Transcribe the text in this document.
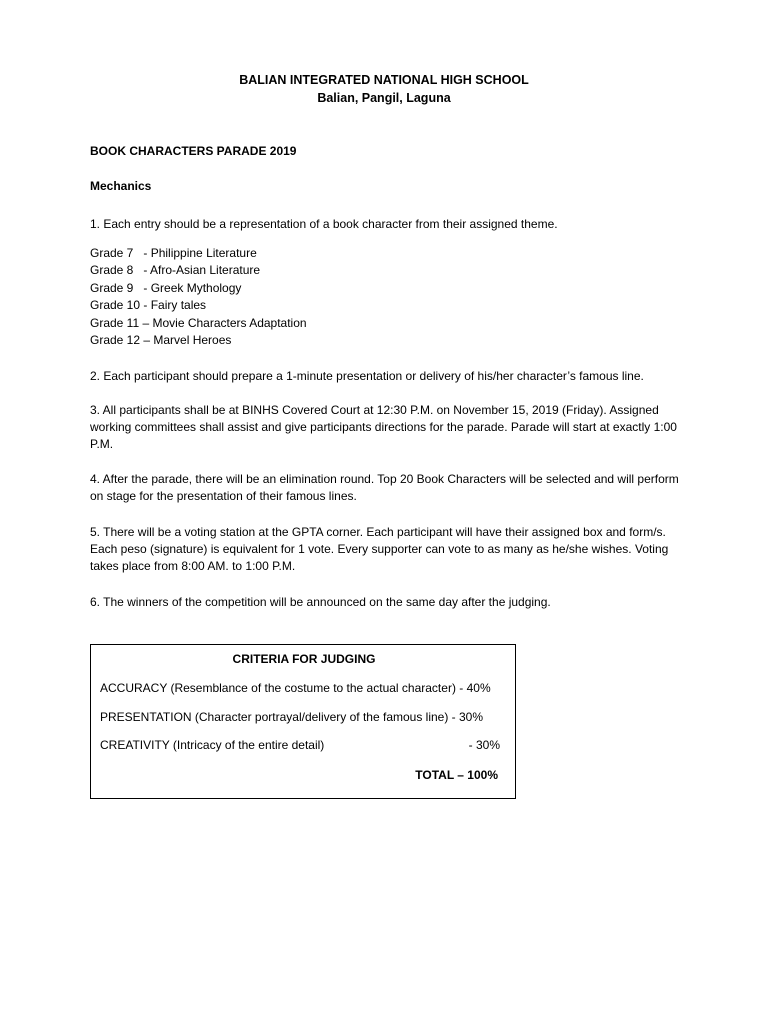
BALIAN INTEGRATED NATIONAL HIGH SCHOOL
Balian, Pangil, Laguna
BOOK CHARACTERS PARADE 2019
Mechanics
1. Each entry should be a representation of a book character from their assigned theme.
Grade 7   - Philippine Literature
Grade 8   - Afro-Asian Literature
Grade 9   - Greek Mythology
Grade 10 - Fairy tales
Grade 11 – Movie Characters Adaptation
Grade 12 – Marvel Heroes
2. Each participant should prepare a 1-minute presentation or delivery of his/her character’s famous line.
3. All participants shall be at BINHS Covered Court at 12:30 P.M. on November 15, 2019 (Friday). Assigned working committees shall assist and give participants directions for the parade. Parade will start at exactly 1:00 P.M.
4. After the parade, there will be an elimination round. Top 20 Book Characters will be selected and will perform on stage for the presentation of their famous lines.
5. There will be a voting station at the GPTA corner. Each participant will have their assigned box and form/s. Each peso (signature) is equivalent for 1 vote. Every supporter can vote to as many as he/she wishes. Voting takes place from 8:00 AM. to 1:00 P.M.
6. The winners of the competition will be announced on the same day after the judging.
CRITERIA FOR JUDGING
ACCURACY (Resemblance of the costume to the actual character) - 40%
PRESENTATION (Character portrayal/delivery of the famous line) - 30%
CREATIVITY (Intricacy of the entire detail)	- 30%
TOTAL – 100%
